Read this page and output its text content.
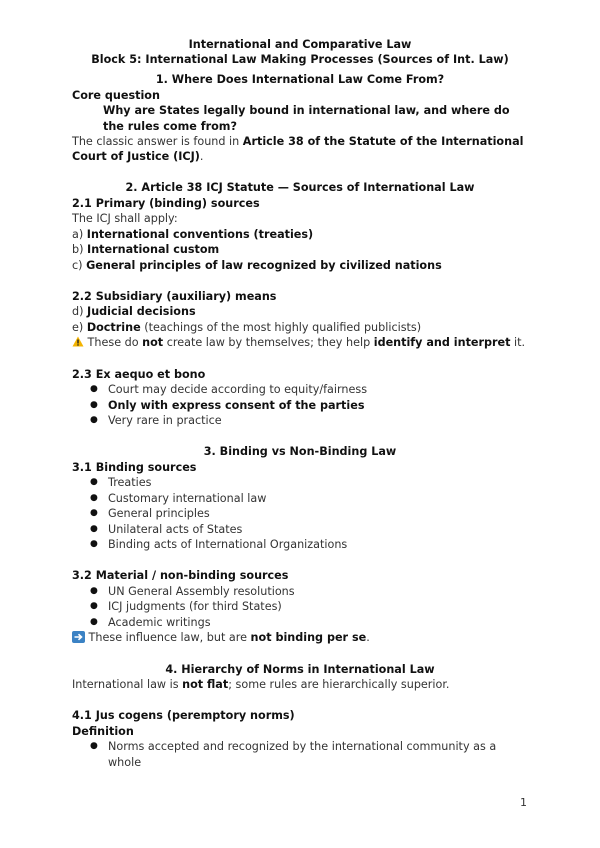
International and Comparative Law
Block 5: International Law Making Processes (Sources of Int. Law)
1. Where Does International Law Come From?
Core question
Why are States legally bound in international law, and where do
the rules come from?
The classic answer is found in Article 38 of the Statute of the International
Court of Justice (ICJ).
2. Article 38 ICJ Statute — Sources of International Law
2.1 Primary (binding) sources
The ICJ shall apply:
a) International conventions (treaties)
b) International custom
c) General principles of law recognized by civilized nations
2.2 Subsidiary (auxiliary) means
d) Judicial decisions
e) Doctrine (teachings of the most highly qualified publicists)
These do not create law by themselves; they help identify and interpret it.
2.3 Ex aequo et bono
● Court may decide according to equity/fairness
● Only with express consent of the parties
● Very rare in practice
3. Binding vs Non-Binding Law
3.1 Binding sources
● Treaties
● Customary international law
● General principles
● Unilateral acts of States
● Binding acts of International Organizations
3.2 Material / non-binding sources
● UN General Assembly resolutions
● ICJ judgments (for third States)
● Academic writings
These influence law, but are not binding per se.
4. Hierarchy of Norms in International Law
International law is not flat; some rules are hierarchically superior.
4.1 Jus cogens (peremptory norms)
Definition
● Norms accepted and recognized by the international community as a
whole
1
